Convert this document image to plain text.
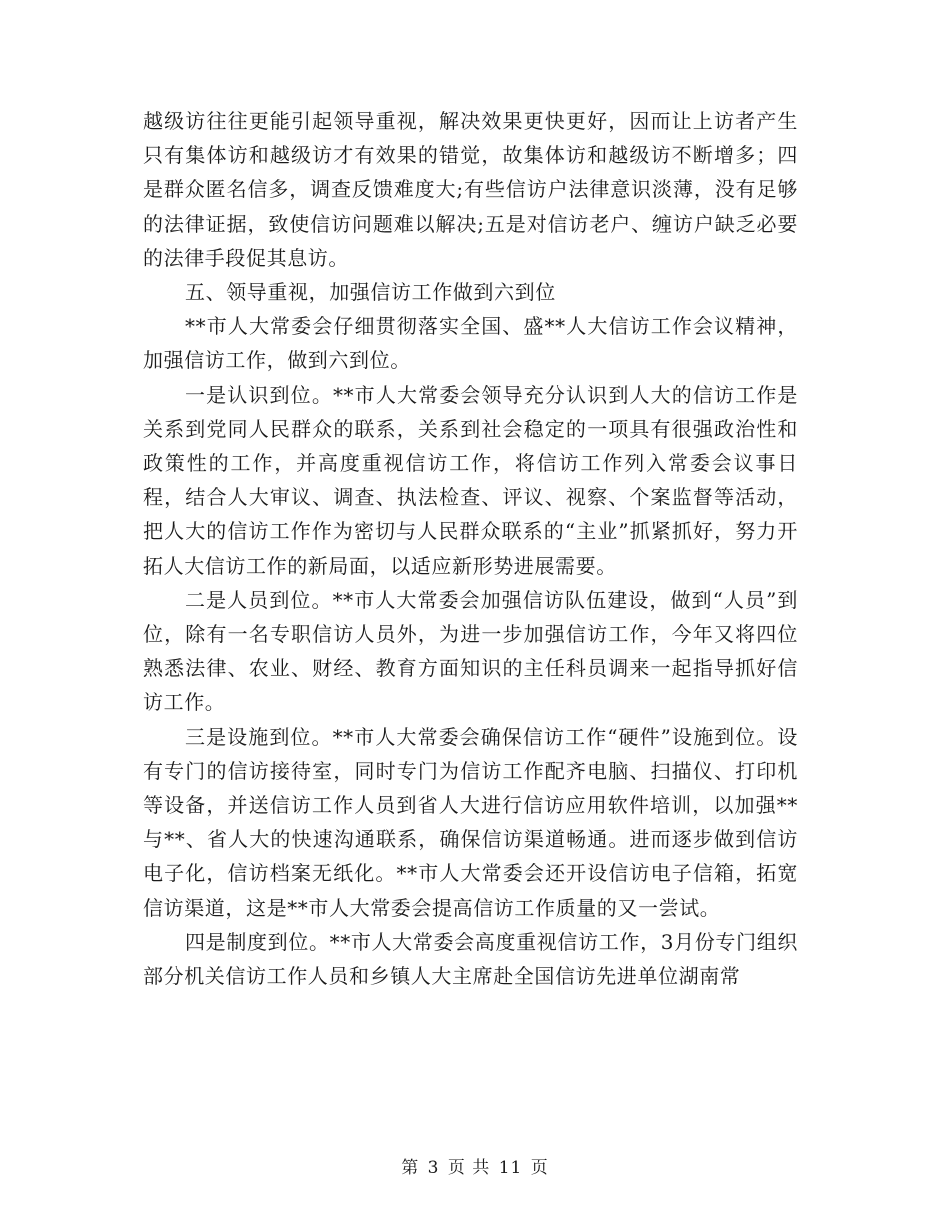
越级访往往更能引起领导重视，解决效果更快更好，因而让上访者产生只有集体访和越级访才有效果的错觉，故集体访和越级访不断增多；四是群众匿名信多，调查反馈难度大;有些信访户法律意识淡薄，没有足够的法律证据，致使信访问题难以解决;五是对信访老户、缠访户缺乏必要的法律手段促其息访。

五、领导重视，加强信访工作做到六到位

**市人大常委会仔细贯彻落实全国、盛**人大信访工作会议精神，加强信访工作，做到六到位。

一是认识到位。**市人大常委会领导充分认识到人大的信访工作是关系到党同人民群众的联系，关系到社会稳定的一项具有很强政治性和政策性的工作，并高度重视信访工作，将信访工作列入常委会议事日程，结合人大审议、调查、执法检查、评议、视察、个案监督等活动，把人大的信访工作作为密切与人民群众联系的“主业”抓紧抓好，努力开拓人大信访工作的新局面，以适应新形势进展需要。

二是人员到位。**市人大常委会加强信访队伍建设，做到“人员”到位，除有一名专职信访人员外，为进一步加强信访工作，今年又将四位熟悉法律、农业、财经、教育方面知识的主任科员调来一起指导抓好信访工作。

三是设施到位。**市人大常委会确保信访工作“硬件”设施到位。设有专门的信访接待室，同时专门为信访工作配齐电脑、扫描仪、打印机等设备，并送信访工作人员到省人大进行信访应用软件培训，以加强**与**、省人大的快速沟通联系，确保信访渠道畅通。进而逐步做到信访电子化，信访档案无纸化。**市人大常委会还开设信访电子信箱，拓宽信访渠道，这是**市人大常委会提高信访工作质量的又一尝试。

四是制度到位。**市人大常委会高度重视信访工作，3月份专门组织部分机关信访工作人员和乡镇人大主席赴全国信访先进单位湖南常

第 3 页 共 11 页
